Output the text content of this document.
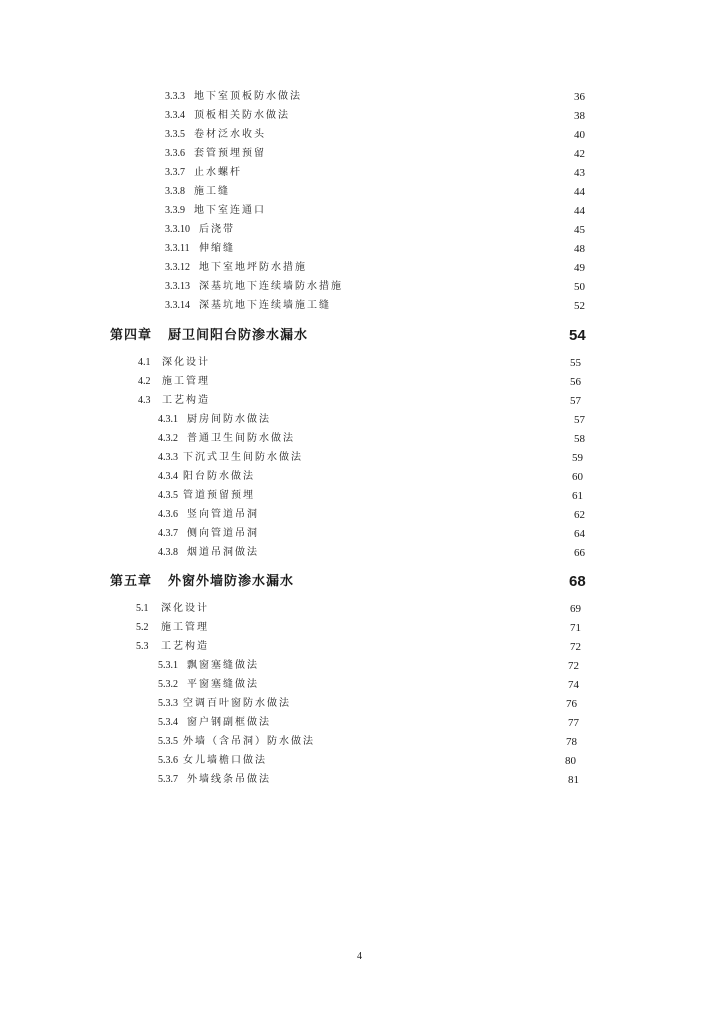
3.3.3 地下室顶板防水做法	36
3.3.4 顶板相关防水做法	38
3.3.5 卷材泛水收头	40
3.3.6 套管预埋预留	42
3.3.7 止水螺杆	43
3.3.8 施工缝	44
3.3.9 地下室连通口	44
3.3.10 后浇带	45
3.3.11 伸缩缝	48
3.3.12 地下室地坪防水措施	49
3.3.13 深基坑地下连续墙防水措施	50
3.3.14 深基坑地下连续墙施工缝	52
第四章 厨卫间阳台防渗水漏水	54
4.1 深化设计	55
4.2 施工管理	56
4.3 工艺构造	57
4.3.1 厨房间防水做法	57
4.3.2 普通卫生间防水做法	58
4.3.3 下沉式卫生间防水做法	59
4.3.4 阳台防水做法	60
4.3.5 管道预留预埋	61
4.3.6 竖向管道吊洞	62
4.3.7 侧向管道吊洞	64
4.3.8 烟道吊洞做法	66
第五章 外窗外墙防渗水漏水	68
5.1 深化设计	69
5.2 施工管理	71
5.3 工艺构造	72
5.3.1 飘窗塞缝做法	72
5.3.2 平窗塞缝做法	74
5.3.3 空调百叶窗防水做法	76
5.3.4 窗户钢副框做法	77
5.3.5 外墙（含吊洞）防水做法	78
5.3.6 女儿墙檐口做法	80
5.3.7 外墙线条吊做法	81
4
